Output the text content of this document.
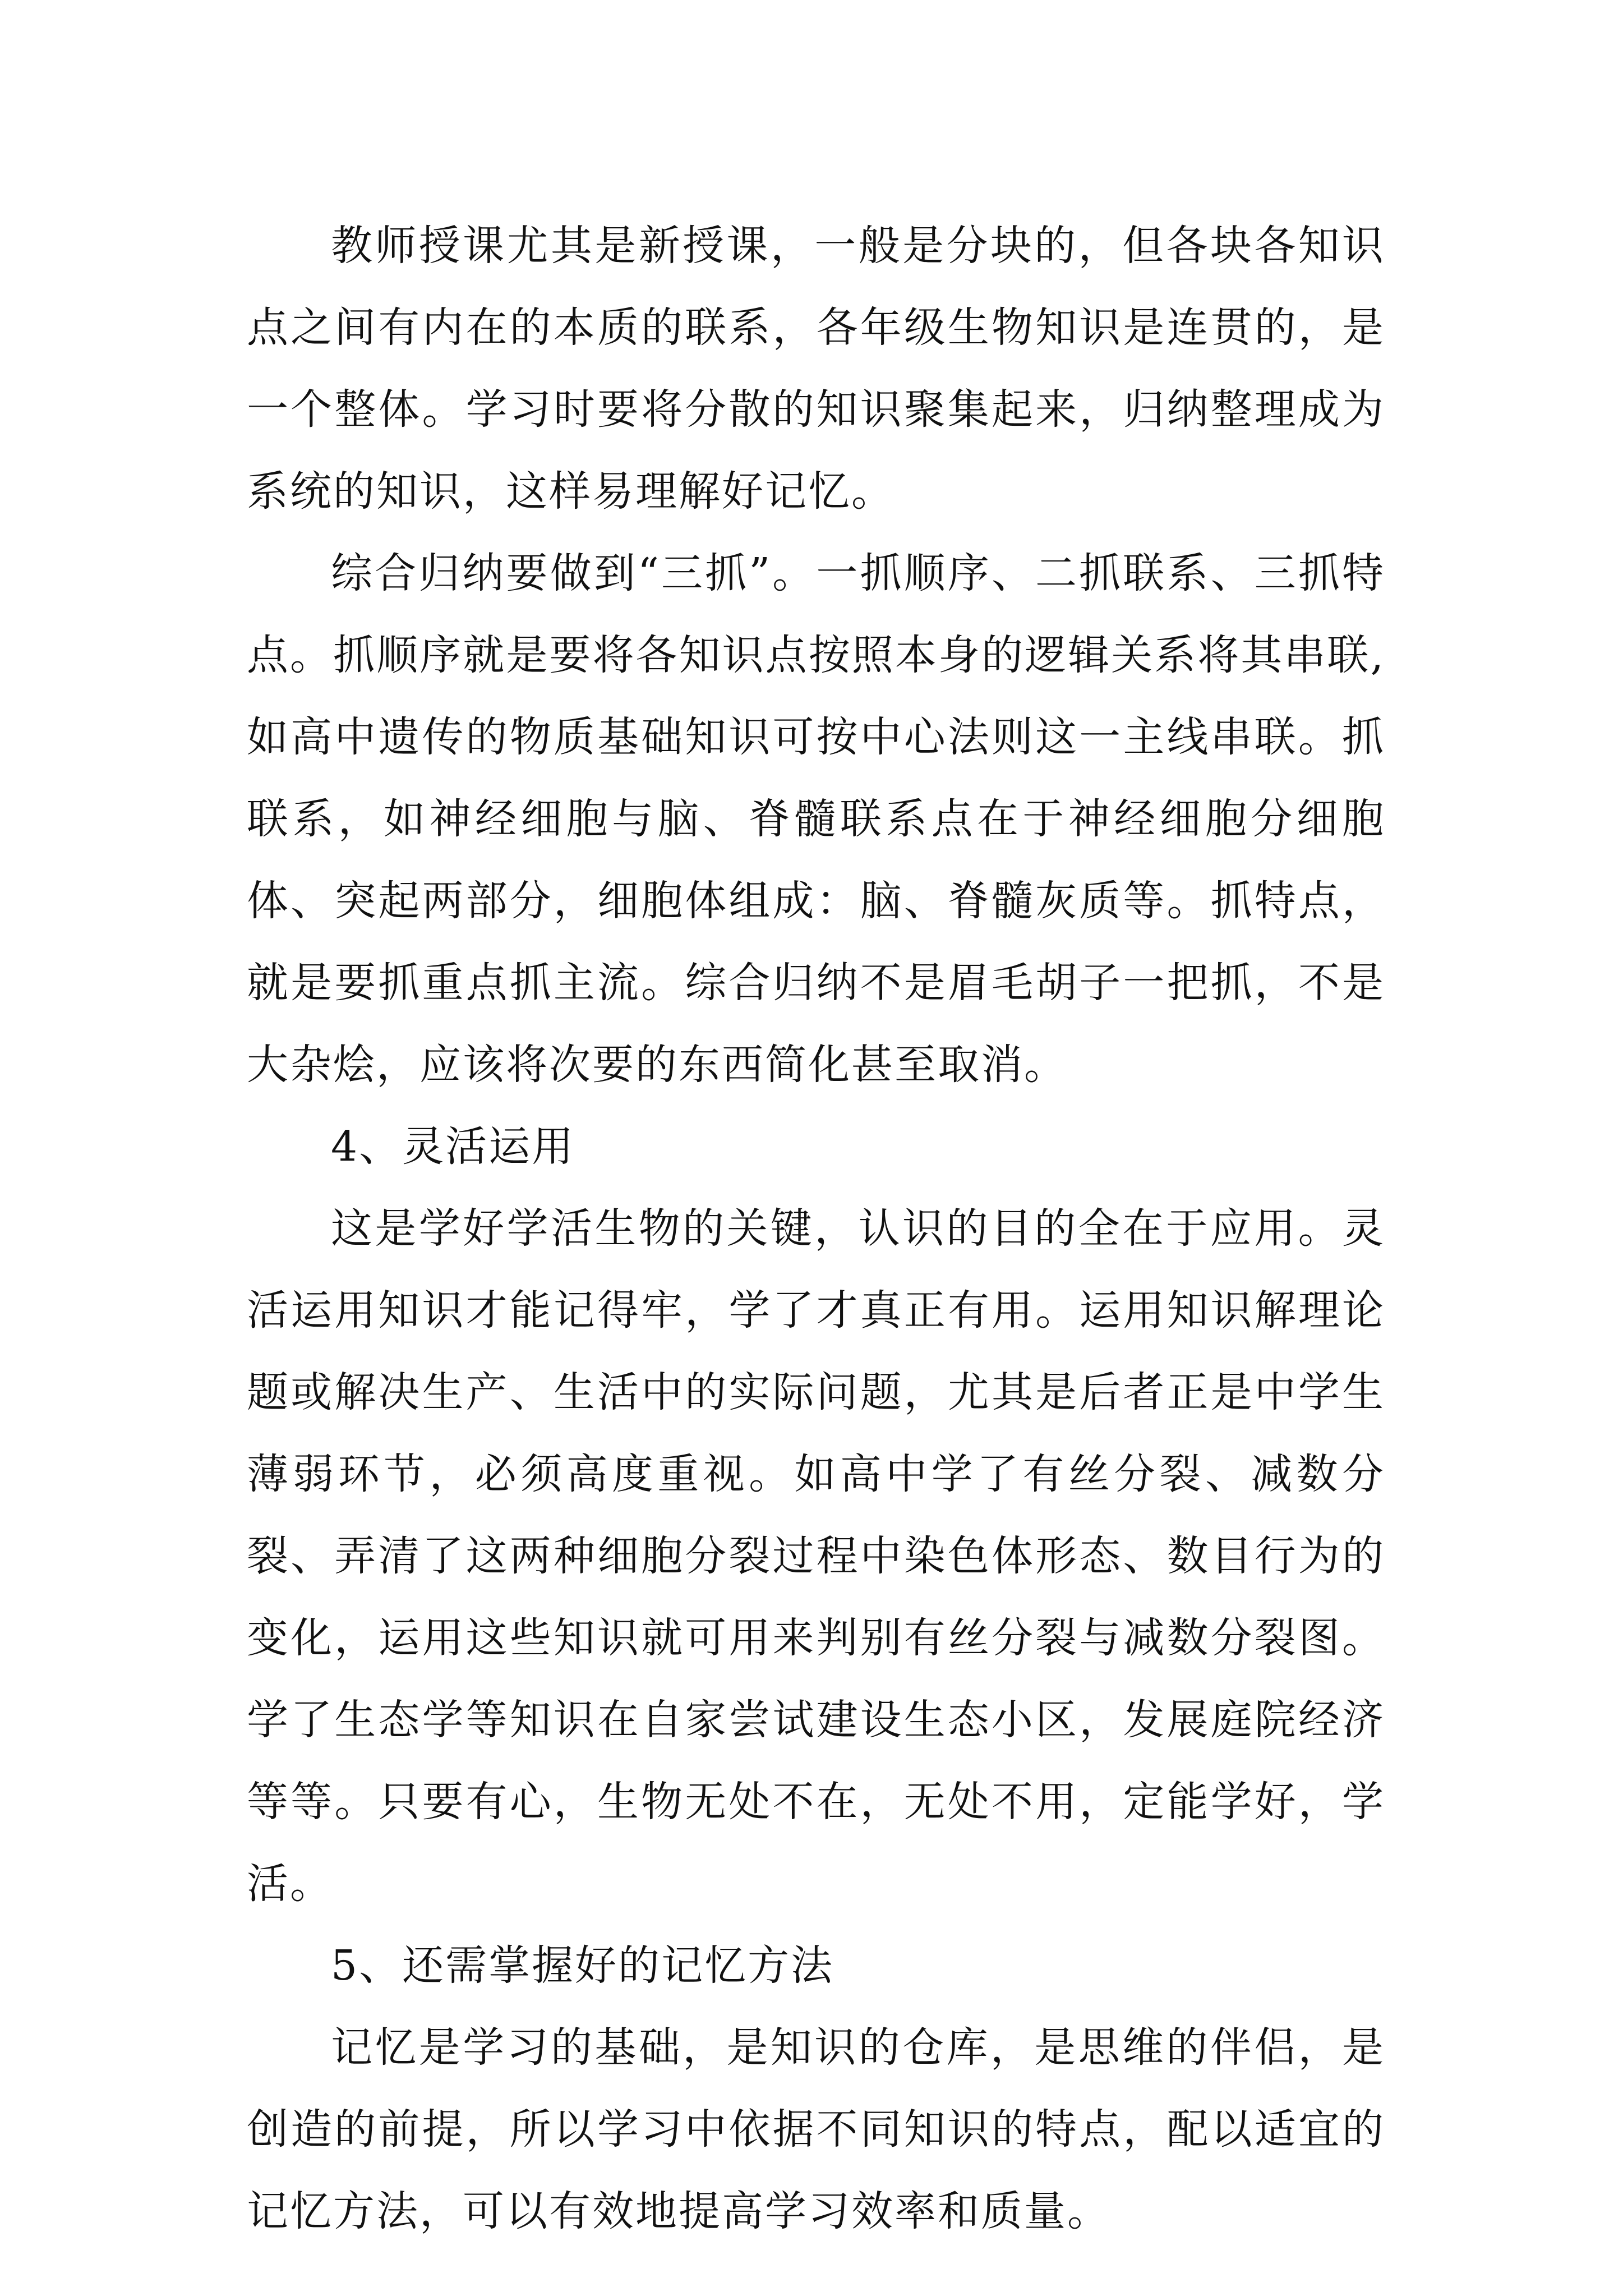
教师授课尤其是新授课，一般是分块的，但各块各知识点之间有内在的本质的联系，各年级生物知识是连贯的，是一个整体。学习时要将分散的知识聚集起来，归纳整理成为系统的知识，这样易理解好记忆。

综合归纳要做到“三抓”。一抓顺序、二抓联系、三抓特点。抓顺序就是要将各知识点按照本身的逻辑关系将其串联,如高中遗传的物质基础知识可按中心法则这一主线串联。抓联系，如神经细胞与脑、脊髓联系点在于神经细胞分细胞体、突起两部分，细胞体组成：脑、脊髓灰质等。抓特点，就是要抓重点抓主流。综合归纳不是眉毛胡子一把抓，不是大杂烩，应该将次要的东西简化甚至取消。

4、灵活运用

这是学好学活生物的关键，认识的目的全在于应用。灵活运用知识才能记得牢，学了才真正有用。运用知识解理论题或解决生产、生活中的实际问题，尤其是后者正是中学生薄弱环节，必须高度重视。如高中学了有丝分裂、减数分裂、弄清了这两种细胞分裂过程中染色体形态、数目行为的变化，运用这些知识就可用来判别有丝分裂与减数分裂图。学了生态学等知识在自家尝试建设生态小区，发展庭院经济等等。只要有心，生物无处不在，无处不用，定能学好，学活。

5、还需掌握好的记忆方法

记忆是学习的基础，是知识的仓库，是思维的伴侣，是创造的前提，所以学习中依据不同知识的特点，配以适宜的记忆方法，可以有效地提高学习效率和质量。
